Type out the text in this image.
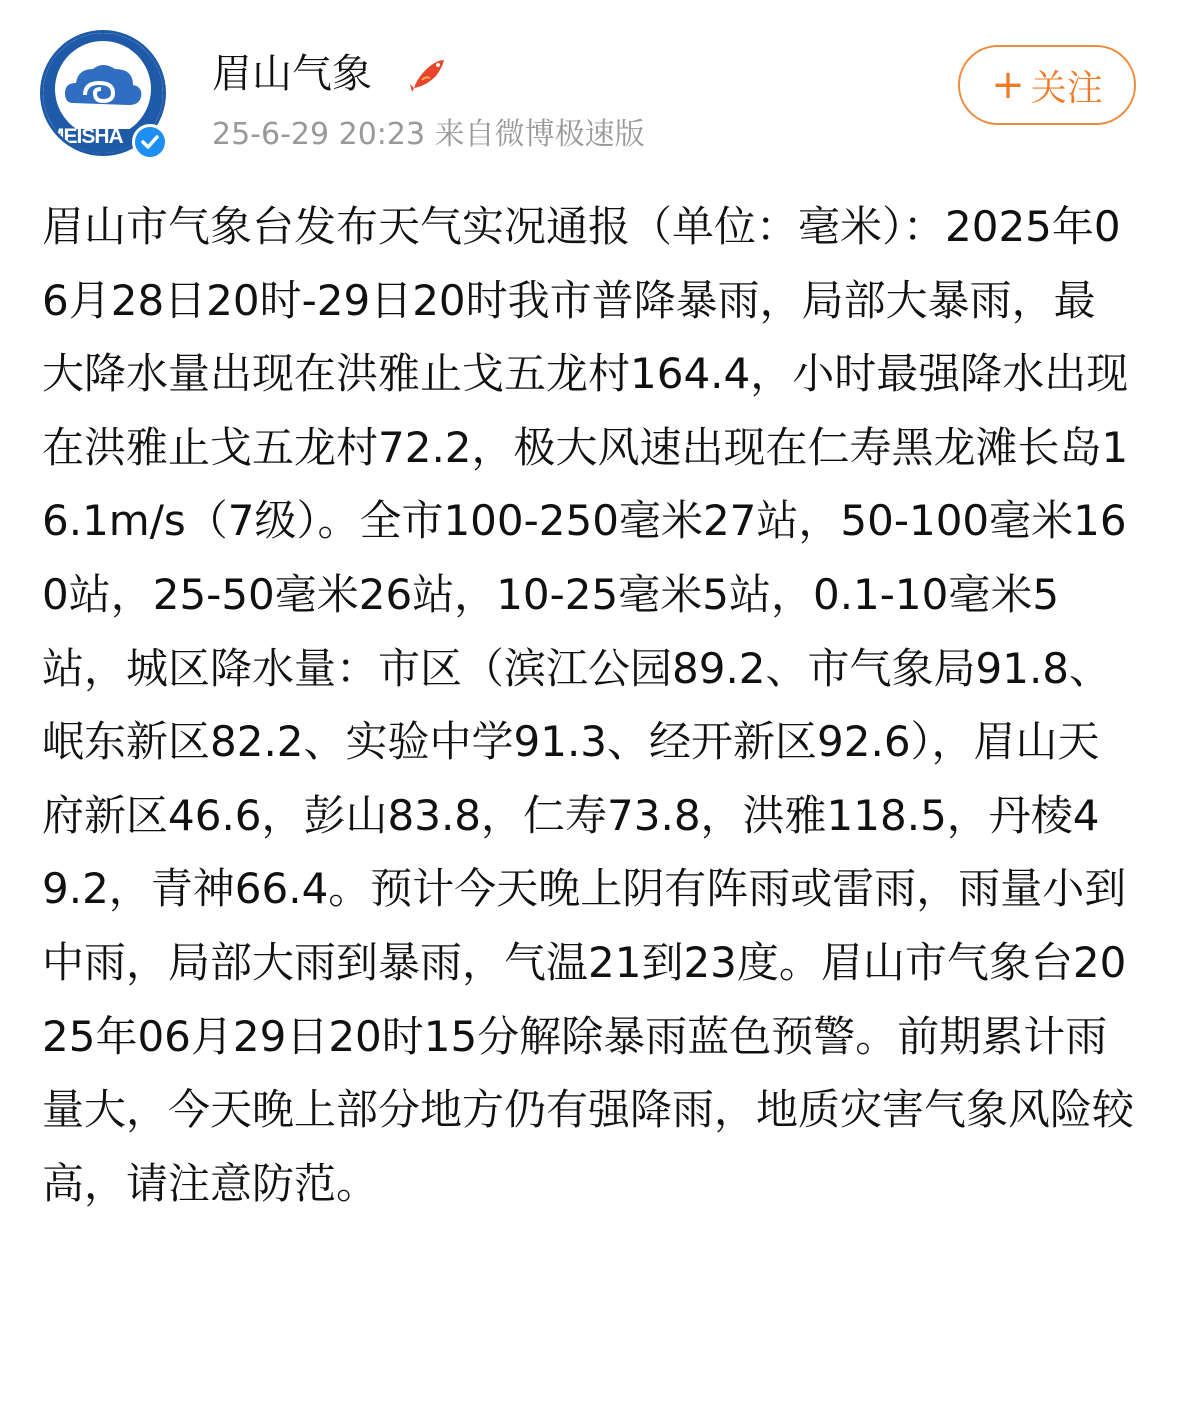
MEISHA
眉山气象
25-6-29 20:23 来自微博极速版
+ 关注
眉山市气象台发布天气实况通报（单位：毫米）：2025年06月28日20时-29日20时我市普降暴雨，局部大暴雨，最大降水量出现在洪雅止戈五龙村164.4，小时最强降水出现在洪雅止戈五龙村72.2，极大风速出现在仁寿黑龙滩长岛16.1m/s（7级）。全市100-250毫米27站，50-100毫米160站，25-50毫米26站，10-25毫米5站，0.1-10毫米5站，城区降水量：市区（滨江公园89.2、市气象局91.8、岷东新区82.2、实验中学91.3、经开新区92.6），眉山天府新区46.6，彭山83.8，仁寿73.8，洪雅118.5，丹棱49.2，青神66.4。预计今天晚上阴有阵雨或雷雨，雨量小到中雨，局部大雨到暴雨，气温21到23度。眉山市气象台2025年06月29日20时15分解除暴雨蓝色预警。前期累计雨量大，今天晚上部分地方仍有强降雨，地质灾害气象风险较高，请注意防范。
